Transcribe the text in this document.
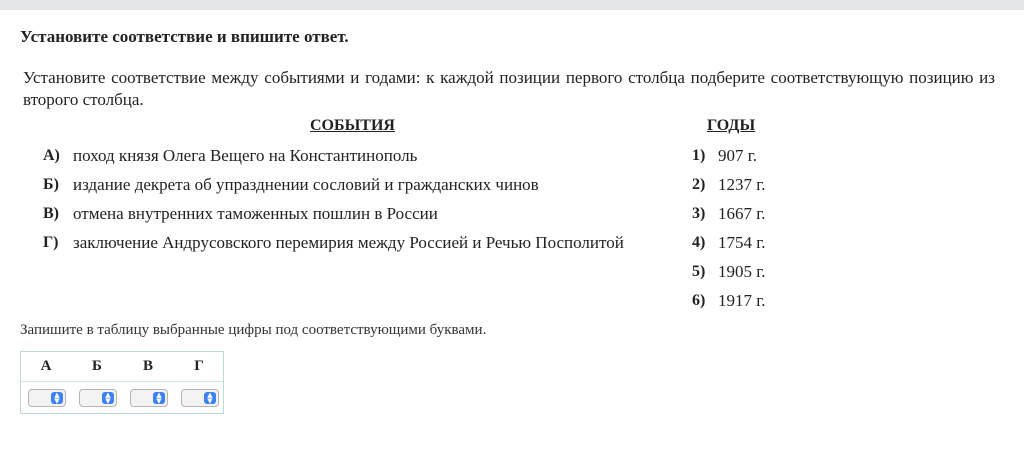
Установите соответствие и впишите ответ.
Установите соответствие между событиями и годами: к каждой позиции первого столбца подберите соответствующую позицию из второго столбца.
СОБЫТИЯ	ГОДЫ
А) поход князя Олега Вещего на Константинополь
Б) издание декрета об упразднении сословий и гражданских чинов
В) отмена внутренних таможенных пошлин в России
Г) заключение Андрусовского перемирия между Россией и Речью Посполитой
1) 907 г.
2) 1237 г.
3) 1667 г.
4) 1754 г.
5) 1905 г.
6) 1917 г.
Запишите в таблицу выбранные цифры под соответствующими буквами.
А	Б	В	Г
▲
▼
▲
▼
▲
▼
▲
▼
